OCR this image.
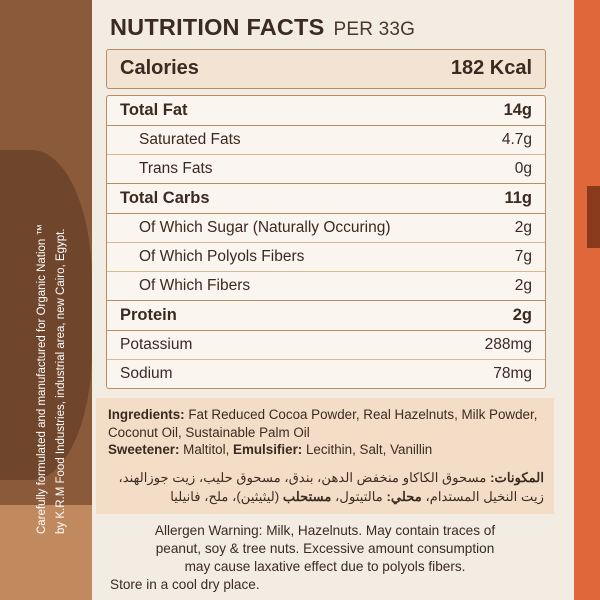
Carefully formulated and manufactured for Organic Nation ™ by K.R.M Food Industries, industrial area, new Cairo, Egypt.
NUTRITION FACTS PER 33G
Calories	182 Kcal
Total Fat	14g
Saturated Fats	4.7g
Trans Fats	0g
Total Carbs	11g
Of Which Sugar (Naturally Occuring)	2g
Of Which Polyols Fibers	7g
Of Which Fibers	2g
Protein	2g
Potassium	288mg
Sodium	78mg
Ingredients: Fat Reduced Cocoa Powder, Real Hazelnuts, Milk Powder, Coconut Oil, Sustainable Palm Oil
Sweetener: Maltitol, Emulsifier: Lecithin, Salt, Vanillin
المكونات: مسحوق الكاكاو منخفض الدهن، بندق، مسحوق حليب، زيت جوزالهند، زيت النخيل المستدام، محلي: مالتيتول، مستحلب (ليثيثين)، ملح، فانيليا
Allergen Warning: Milk, Hazelnuts. May contain traces of
peanut, soy & tree nuts. Excessive amount consumption
may cause laxative effect due to polyols fibers.
Store in a cool dry place.
